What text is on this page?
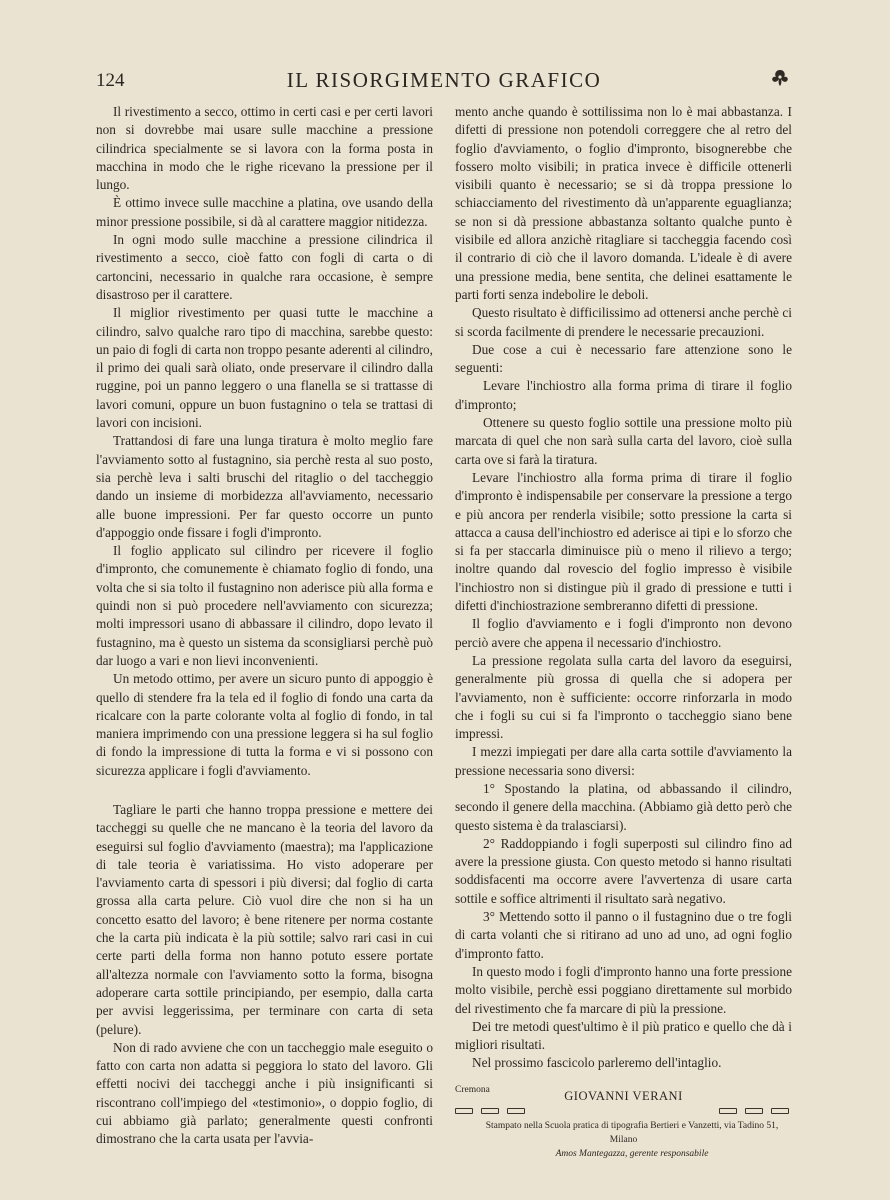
124	IL RISORGIMENTO GRAFICO

Il rivestimento a secco, ottimo in certi casi e per certi lavori non si dovrebbe mai usare sulle macchine a pressione cilindrica specialmente se si lavora con la forma posta in macchina in modo che le righe ricevano la pressione per il lungo.

È ottimo invece sulle macchine a platina, ove usando della minor pressione possibile, si dà al carattere maggior nitidezza.

In ogni modo sulle macchine a pressione cilindrica il rivestimento a secco, cioè fatto con fogli di carta o di cartoncini, necessario in qualche rara occasione, è sempre disastroso per il carattere.

Il miglior rivestimento per quasi tutte le macchine a cilindro, salvo qualche raro tipo di macchina, sarebbe questo: un paio di fogli di carta non troppo pesante aderenti al cilindro, il primo dei quali sarà oliato, onde preservare il cilindro dalla ruggine, poi un panno leggero o una flanella se si trattasse di lavori comuni, oppure un buon fustagnino o tela se trattasi di lavori con incisioni.

Trattandosi di fare una lunga tiratura è molto meglio fare l'avviamento sotto al fustagnino, sia perchè resta al suo posto, sia perchè leva i salti bruschi del ritaglio o del taccheggio dando un insieme di morbidezza all'avviamento, necessario alle buone impressioni. Per far questo occorre un punto d'appoggio onde fissare i fogli d'impronto.

Il foglio applicato sul cilindro per ricevere il foglio d'impronto, che comunemente è chiamato foglio di fondo, una volta che si sia tolto il fustagnino non aderisce più alla forma e quindi non si può procedere nell'avviamento con sicurezza; molti impressori usano di abbassare il cilindro, dopo levato il fustagnino, ma è questo un sistema da sconsigliarsi perchè può dar luogo a vari e non lievi inconvenienti.

Un metodo ottimo, per avere un sicuro punto di appoggio è quello di stendere fra la tela ed il foglio di fondo una carta da ricalcare con la parte colorante volta al foglio di fondo, in tal maniera imprimendo con una pressione leggera si ha sul foglio di fondo la impressione di tutta la forma e vi si possono con sicurezza applicare i fogli d'avviamento.

Tagliare le parti che hanno troppa pressione e mettere dei taccheggi su quelle che ne mancano è la teoria del lavoro da eseguirsi sul foglio d'avviamento (maestra); ma l'applicazione di tale teoria è variatissima. Ho visto adoperare per l'avviamento carta di spessori i più diversi; dal foglio di carta grossa alla carta pelure. Ciò vuol dire che non si ha un concetto esatto del lavoro; è bene ritenere per norma costante che la carta più indicata è la più sottile; salvo rari casi in cui certe parti della forma non hanno potuto essere portate all'altezza normale con l'avviamento sotto la forma, bisogna adoperare carta sottile principiando, per esempio, dalla carta per avvisi leggerissima, per terminare con carta di seta (pelure).

Non di rado avviene che con un taccheggio male eseguito o fatto con carta non adatta si peggiora lo stato del lavoro. Gli effetti nocivi dei taccheggi anche i più insignificanti si riscontrano coll'impiego del «testimonio», o doppio foglio, di cui abbiamo già parlato; generalmente questi confronti dimostrano che la carta usata per l'avvia-

mento anche quando è sottilissima non lo è mai abbastanza. I difetti di pressione non potendoli correggere che al retro del foglio d'avviamento, o foglio d'impronto, bisognerebbe che fossero molto visibili; in pratica invece è difficile ottenerli visibili quanto è necessario; se si dà troppa pressione lo schiacciamento del rivestimento dà un'apparente eguaglianza; se non si dà pressione abbastanza soltanto qualche punto è visibile ed allora anzichè ritagliare si taccheggia facendo così il contrario di ciò che il lavoro domanda. L'ideale è di avere una pressione media, bene sentita, che delinei esattamente le parti forti senza indebolire le deboli.

Questo risultato è difficilissimo ad ottenersi anche perchè ci si scorda facilmente di prendere le necessarie precauzioni.

Due cose a cui è necessario fare attenzione sono le seguenti:

Levare l'inchiostro alla forma prima di tirare il foglio d'impronto;

Ottenere su questo foglio sottile una pressione molto più marcata di quel che non sarà sulla carta del lavoro, cioè sulla carta ove si farà la tiratura.

Levare l'inchiostro alla forma prima di tirare il foglio d'impronto è indispensabile per conservare la pressione a tergo e più ancora per renderla visibile; sotto pressione la carta si attacca a causa dell'inchiostro ed aderisce ai tipi e lo sforzo che si fa per staccarla diminuisce più o meno il rilievo a tergo; inoltre quando dal rovescio del foglio impresso è visibile l'inchiostro non si distingue più il grado di pressione e tutti i difetti d'inchiostrazione sembreranno difetti di pressione.

Il foglio d'avviamento e i fogli d'impronto non devono perciò avere che appena il necessario d'inchiostro.

La pressione regolata sulla carta del lavoro da eseguirsi, generalmente più grossa di quella che si adopera per l'avviamento, non è sufficiente: occorre rinforzarla in modo che i fogli su cui si fa l'impronto o taccheggio siano bene impressi.

I mezzi impiegati per dare alla carta sottile d'avviamento la pressione necessaria sono diversi:

1° Spostando la platina, od abbassando il cilindro, secondo il genere della macchina. (Abbiamo già detto però che questo sistema è da tralasciarsi).

2° Raddoppiando i fogli superposti sul cilindro fino ad avere la pressione giusta. Con questo metodo si hanno risultati soddisfacenti ma occorre avere l'avvertenza di usare carta sottile e soffice altrimenti il risultato sarà negativo.

3° Mettendo sotto il panno o il fustagnino due o tre fogli di carta volanti che si ritirano ad uno ad uno, ad ogni foglio d'impronto fatto.

In questo modo i fogli d'impronto hanno una forte pressione molto visibile, perchè essi poggiano direttamente sul morbido del rivestimento che fa marcare di più la pressione.

Dei tre metodi quest'ultimo è il più pratico e quello che dà i migliori risultati.

Nel prossimo fascicolo parleremo dell'intaglio.

Cremona	GIOVANNI VERANI

Stampato nella Scuola pratica di tipografia Bertieri e Vanzetti, via Tadino 51, Milano

Amos Mantegazza, gerente responsabile
